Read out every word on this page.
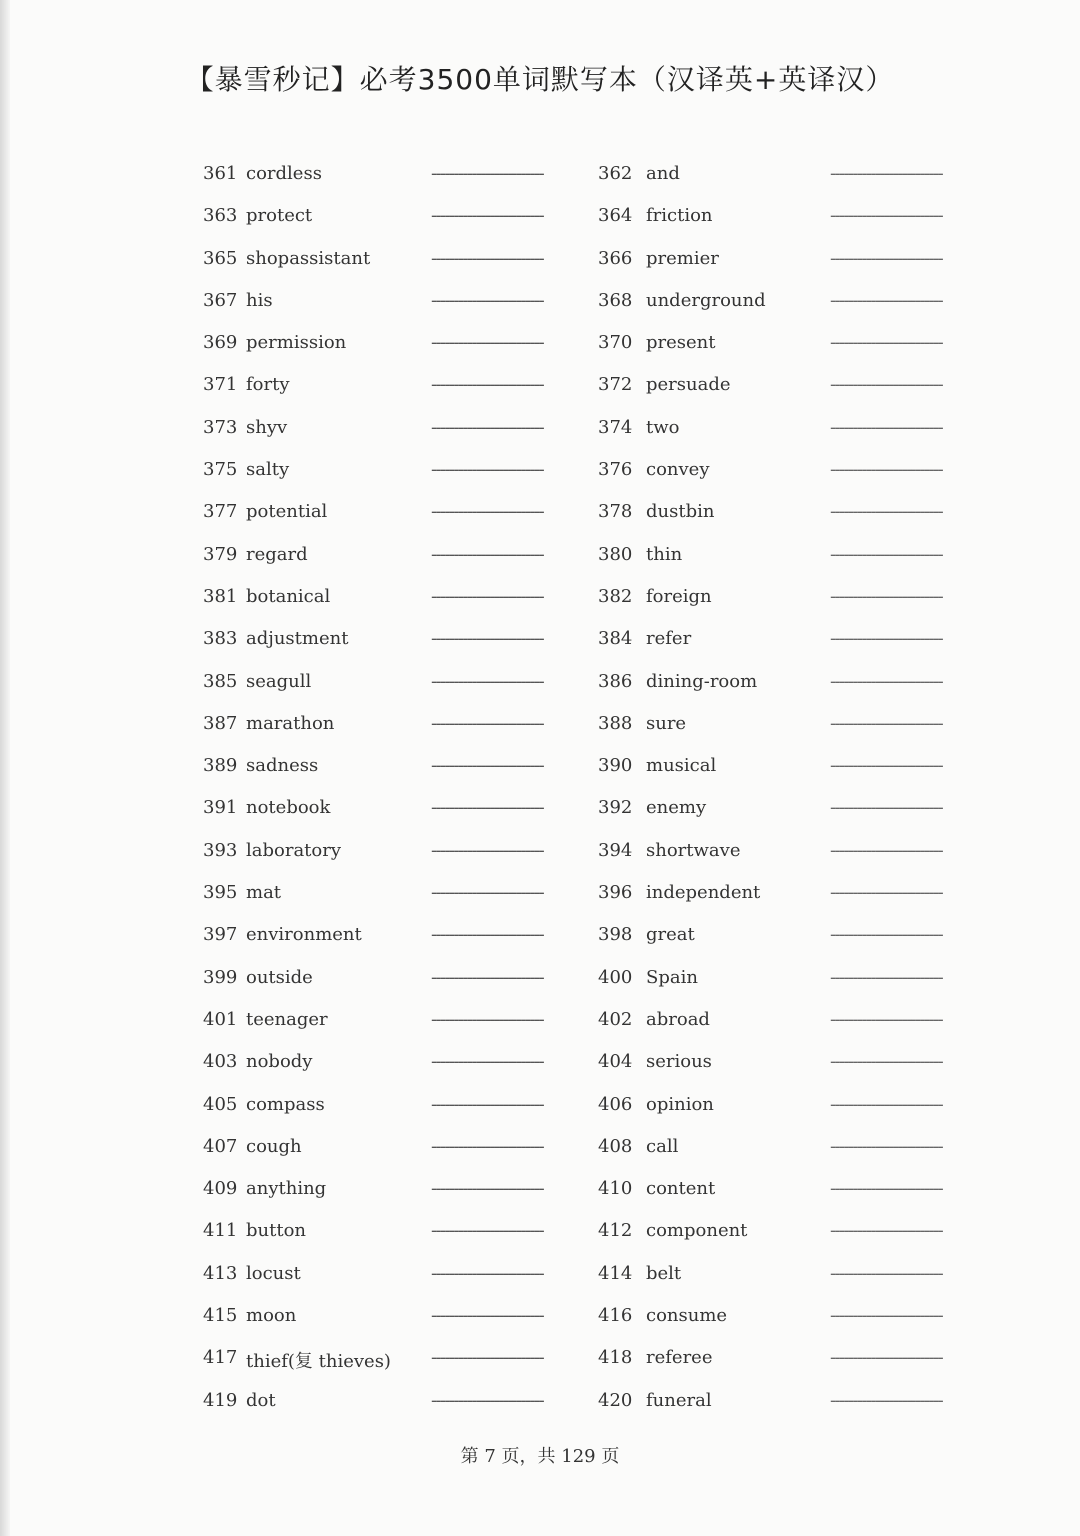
【暴雪秒记】必考3500单词默写本（汉译英+英译汉）
361 cordless	-------------------------	362 and	-------------------------
363 protect	-------------------------	364 friction	-------------------------
365 shopassistant	-------------------------	366 premier	-------------------------
367 his	-------------------------	368 underground	-------------------------
369 permission	-------------------------	370 present	-------------------------
371 forty	-------------------------	372 persuade	-------------------------
373 shyv	-------------------------	374 two	-------------------------
375 salty	-------------------------	376 convey	-------------------------
377 potential	-------------------------	378 dustbin	-------------------------
379 regard	-------------------------	380 thin	-------------------------
381 botanical	-------------------------	382 foreign	-------------------------
383 adjustment	-------------------------	384 refer	-------------------------
385 seagull	-------------------------	386 dining-room	-------------------------
387 marathon	-------------------------	388 sure	-------------------------
389 sadness	-------------------------	390 musical	-------------------------
391 notebook	-------------------------	392 enemy	-------------------------
393 laboratory	-------------------------	394 shortwave	-------------------------
395 mat	-------------------------	396 independent	-------------------------
397 environment	-------------------------	398 great	-------------------------
399 outside	-------------------------	400 Spain	-------------------------
401 teenager	-------------------------	402 abroad	-------------------------
403 nobody	-------------------------	404 serious	-------------------------
405 compass	-------------------------	406 opinion	-------------------------
407 cough	-------------------------	408 call	-------------------------
409 anything	-------------------------	410 content	-------------------------
411 button	-------------------------	412 component	-------------------------
413 locust	-------------------------	414 belt	-------------------------
415 moon	-------------------------	416 consume	-------------------------
417 thief(复 thieves) -------------------------	418 referee	-------------------------
419 dot	-------------------------	420 funeral	-------------------------
第 7 页，共 129 页
